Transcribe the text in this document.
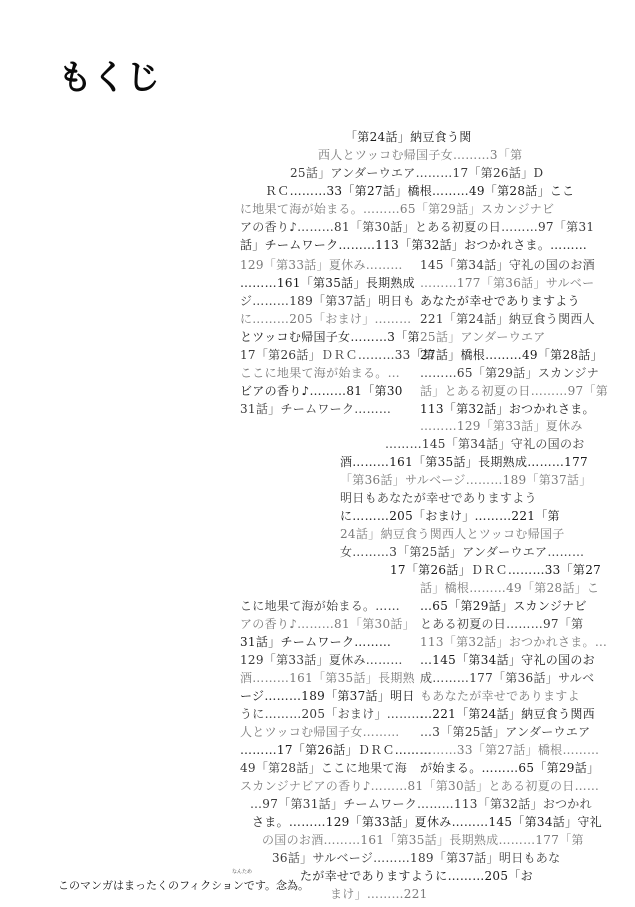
もくじ
「第24話」納豆食う関
西人とツッコむ帰国子女………3「第
25話」アンダーウエア………17「第26話」D
ＲＣ………33「第27話」橋根………49「第28話」ここ
に地果て海が始まる。………65「第29話」スカンジナビ
アの香り♪………81「第30話」とある初夏の日………97「第31
話」チームワーク………113「第32話」おつかれさま。………
129「第33話」夏休み……… 145「第34話」守礼の国のお酒
………161「第35話」長期熟成 ………177「第36話」サルベー
ジ………189「第37話」明日も あなたが幸せでありますよう
に………205「おまけ」……… 221「第24話」納豆食う関西人
とツッコむ帰国子女………3「第 25話」アンダーウエア
17「第26話」ＤＲＣ………33「第
27話」橋根………49「第28話」
ここに地果て海が始まる。… ………65「第29話」スカンジナ
ビアの香り♪………81「第30 話」とある初夏の日………97「第
31話」チームワーク………	113「第32話」おつかれさま。
………129「第33話」夏休み
………145「第34話」守礼の国のお
酒………161「第35話」長期熟成………177
「第36話」サルベージ………189「第37話」
明日もあなたが幸せでありますよう
に………205「おまけ」………221「第
24話」納豆食う関西人とツッコむ帰国子
女………3「第25話」アンダーウエア………
17「第26話」ＤＲＣ………33「第27
話」橋根………49「第28話」こ
こに地果て海が始まる。…… …65「第29話」スカンジナビ
アの香り♪………81「第30話」 とある初夏の日………97「第
31話」チームワーク………	113「第32話」おつかれさま。…
129「第33話」夏休み……… …145「第34話」守礼の国のお
酒………161「第35話」長期熟 成………177「第36話」サルベ
ージ………189「第37話」明日 もあなたが幸せでありますよ
うに………205「おまけ」………
…221「第24話」納豆食う関西
人とツッコむ帰国子女……… …3「第25話」アンダーウエア
………17「第26話」ＤＲＣ………
………33「第27話」橋根………
49「第28話」ここに地果て海 が始まる。………65「第29話」
スカンジナビアの香り♪………81「第30話」とある初夏の日……
…97「第31話」チームワーク………113「第32話」おつかれ
さま。………129「第33話」夏休み………145「第34話」守礼
の国のお酒………161「第35話」長期熟成………177「第
36話」サルベージ………189「第37話」明日もあな
たが幸せでありますように………205「お
まけ」………221
なんため

このマンガはまったくのフィクションです。念為。
